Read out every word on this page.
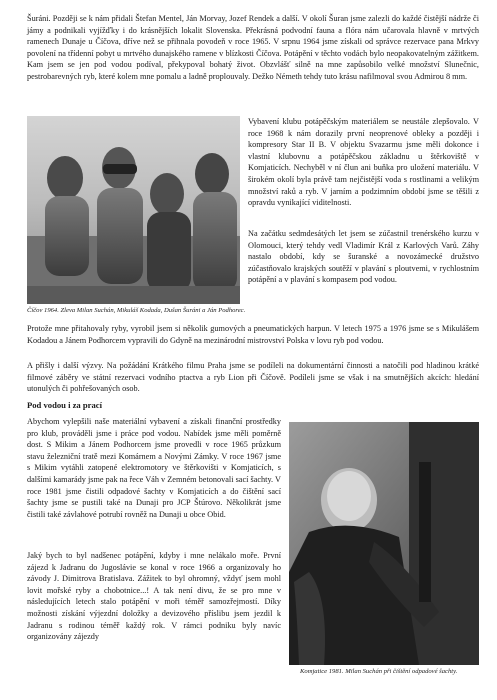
Šuráni. Později se k nám přidali Štefan Mentel, Ján Morvay, Jozef Rendek a další. V okolí Šuran jsme zalezli do každé čistější nádrže či jámy a podnikali vyjížďky i do krásnějších lokalit Slovenska. Překrásná podvodní fauna a flóra nám učarovala hlavně v mrtvých ramenech Dunaje u Číčova, dříve než se přihnala povodeň v roce 1965. V srpnu 1964 jsme získali od správce rezervace pana Mrkvy povolení na třídenní pobyt u mrtvého dunajského ramene v blízkosti Číčova. Potápění v těchto vodách bylo neopakovatelným zážitkem. Kam jsem se jen pod vodou podíval, překypoval bohatý život. Obzvlášť silně na mne zapůsobilo velké množství Slunečnic, pestrobarevných ryb, které kolem mne pomalu a ladně proplouvaly. Dežko Németh tehdy tuto krásu nafilmoval svou Admirou 8 mm.

Číčov 1964. Zleva Milan Suchán, Mikuláš Kodada, Dušan Šuráni a Ján Podhorec.

Vybavení klubu potápěčským materiálem se neustále zlepšovalo. V roce 1968 k nám dorazily první neoprenové obleky a později i kompresory Star II B. V objektu Svazarmu jsme měli dokonce i vlastní klubovnu a potápěčskou základnu u štěrkoviště v Komjaticích. Nechyběl v ní člun ani buňka pro uložení materiálu. V širokém okolí byla právě tam nejčistější voda s rostlinami a velikým množství raků a ryb. V jarním a podzimním období jsme se těšili z opravdu vynikající viditelnosti.

Na začátku sedmdesátých let jsem se zúčastnil trenérského kurzu v Olomouci, který tehdy vedl Vladimír Král z Karlových Varů. Záhy nastalo období, kdy se šuranské a novozámecké družstvo zúčastňovalo krajských soutěží v plavání s ploutvemi, v rychlostním potápění a v plavání s kompasem pod vodou.

Protože mne přitahovaly ryby, vyrobil jsem si několik gumových a pneumatických harpun. V letech 1975 a 1976 jsme se s Mikulášem Kodadou a Jánem Podhorcem vypravili do Gdyně na mezinárodní mistrovství Polska v lovu ryb pod vodou.

A přišly i další výzvy. Na požádání Krátkého filmu Praha jsme se podíleli na dokumentární činnosti a natočili pod hladinou krátké filmové záběry ve státní rezervaci vodního ptactva a ryb Lion při Číčově. Podíleli jsme se však i na smutnějších akcích: hledání utonulých či pohřešovaných osob.

Pod vodou i za prací

Abychom vylepšili naše materiální vybavení a získali finanční prostředky pro klub, prováděli jsme i práce pod vodou. Nabídek jsme měli poměrně dost. S Mikim a Jánem Podhorcem jsme provedli v roce 1965 průzkum stavu železniční tratě mezi Komárnem a Novými Zámky. V roce 1967 jsme s Mikim vytáhli zatopené elektromotory ve štěrkovišti v Komjaticích, s dalšími kamarády jsme pak na řece Váh v Zemném betonovali sací šachty. V roce 1981 jsme čistili odpadové šachty v Komjaticích a do čištění sací šachty jsme se pustili také na Dunaji pro JCP Štúrovo. Několikrát jsme čistili také závlahové potrubí rovněž na Dunaji u obce Obid.

Jaký bych to byl nadšenec potápění, kdyby i mne nelákalo moře. První zájezd k Jadranu do Jugoslávie se konal v roce 1966 a organizovaly ho závody J. Dimitrova Bratislava. Zážitek to byl ohromný, vždyť jsem mohl lovit mořské ryby a chobotnice...! A tak není divu, že se pro mne v následujících letech stalo potápění v moři téměř samozřejmostí. Díky možnosti získání výjezdní doložky a devizového příslibu jsem jezdil k Jadranu s rodinou téměř každý rok. V rámci podniku byly navíc organizovány zájezdy

Komjatice 1981. Milan Suchán při čištění odpadové šachty.
